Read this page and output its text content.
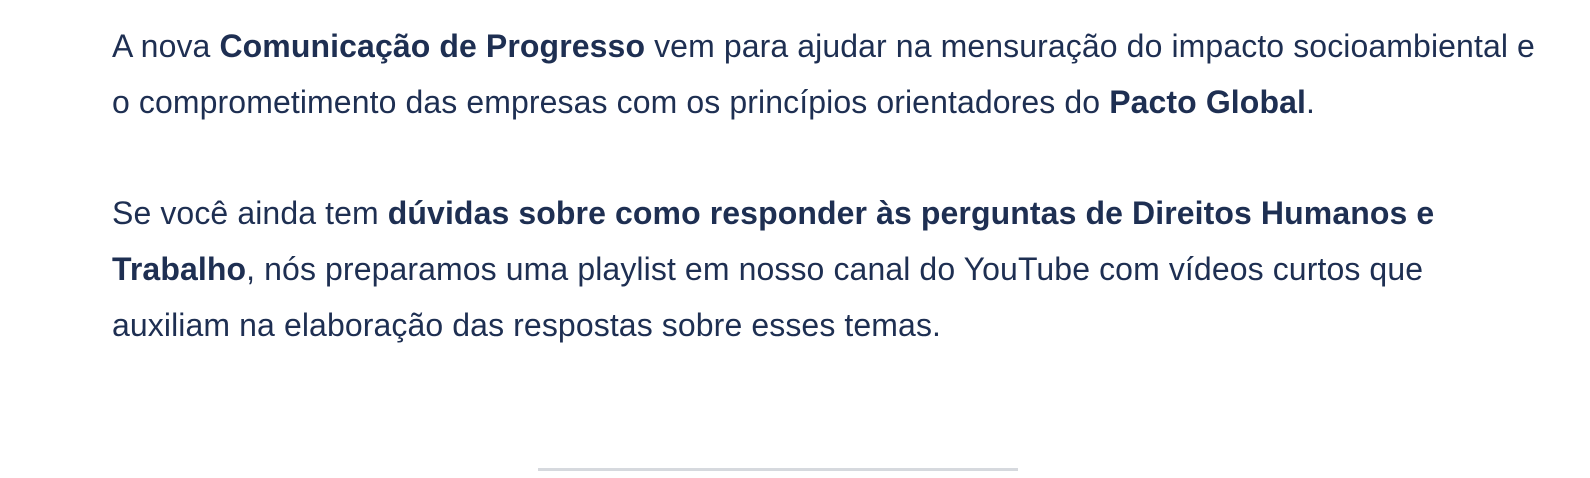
A nova Comunicação de Progresso vem para ajudar na mensuração do impacto socioambiental e o comprometimento das empresas com os princípios orientadores do Pacto Global.

Se você ainda tem dúvidas sobre como responder às perguntas de Direitos Humanos e Trabalho, nós preparamos uma playlist em nosso canal do YouTube com vídeos curtos que auxiliam na elaboração das respostas sobre esses temas.
